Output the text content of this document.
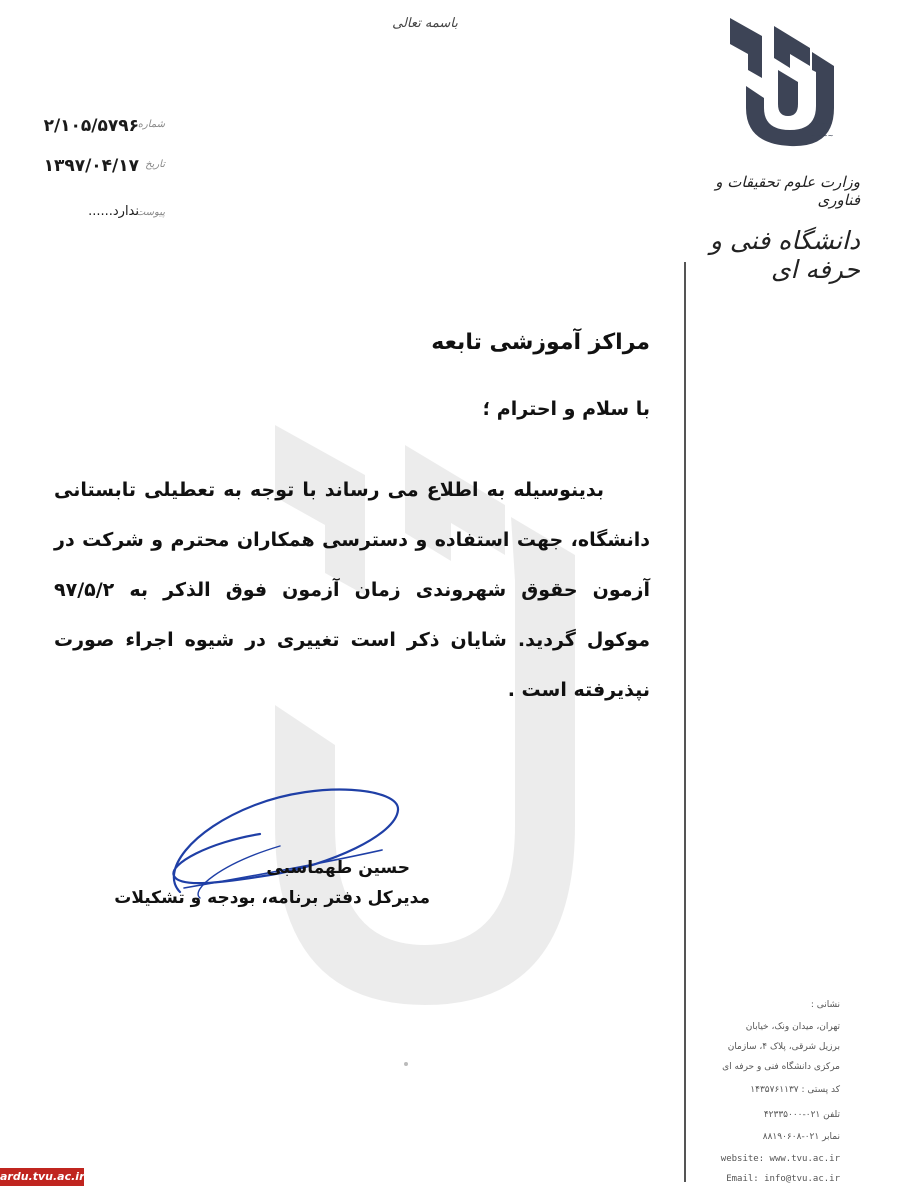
باسمه تعالی
شماره
۲/۱۰۵/۵۷۹۶
تاریخ
۱۳۹۷/۰۴/۱۷
پیوست
ندارد......
~~~
~~~~
وزارت علوم تحقیقات و فناوری
دانشگاه فنی و حرفه ای
مراکز آموزشی تابعه
با سلام و احترام ؛
بدینوسیله به اطلاع می رساند با توجه به تعطیلی تابستانی دانشگاه، جهت استفاده و دسترسی همکاران محترم و شرکت در آزمون حقوق شهروندی زمان آزمون فوق الذکر به ۹۷/۵/۲ موکول گردید. شایان ذکر است تغییری در شیوه اجراء صورت نپذیرفته است .
حسین طهماسبی
مدیرکل دفتر برنامه، بودجه و تشکیلات
نشانی :
تهران، میدان ونک، خیابان
برزیل شرقی، پلاک ۴، سازمان
مرکزی دانشگاه فنی و حرفه ای
کد پستی : ۱۴۳۵۷۶۱۱۳۷
تلفن ۰۲۱-۴۲۳۳۵۰۰۰
نمابر ۰۲۱-۸۸۱۹۰۶۰۸
website: www.tvu.ac.ir
Email: info@tvu.ac.ir
ardu.tvu.ac.ir
